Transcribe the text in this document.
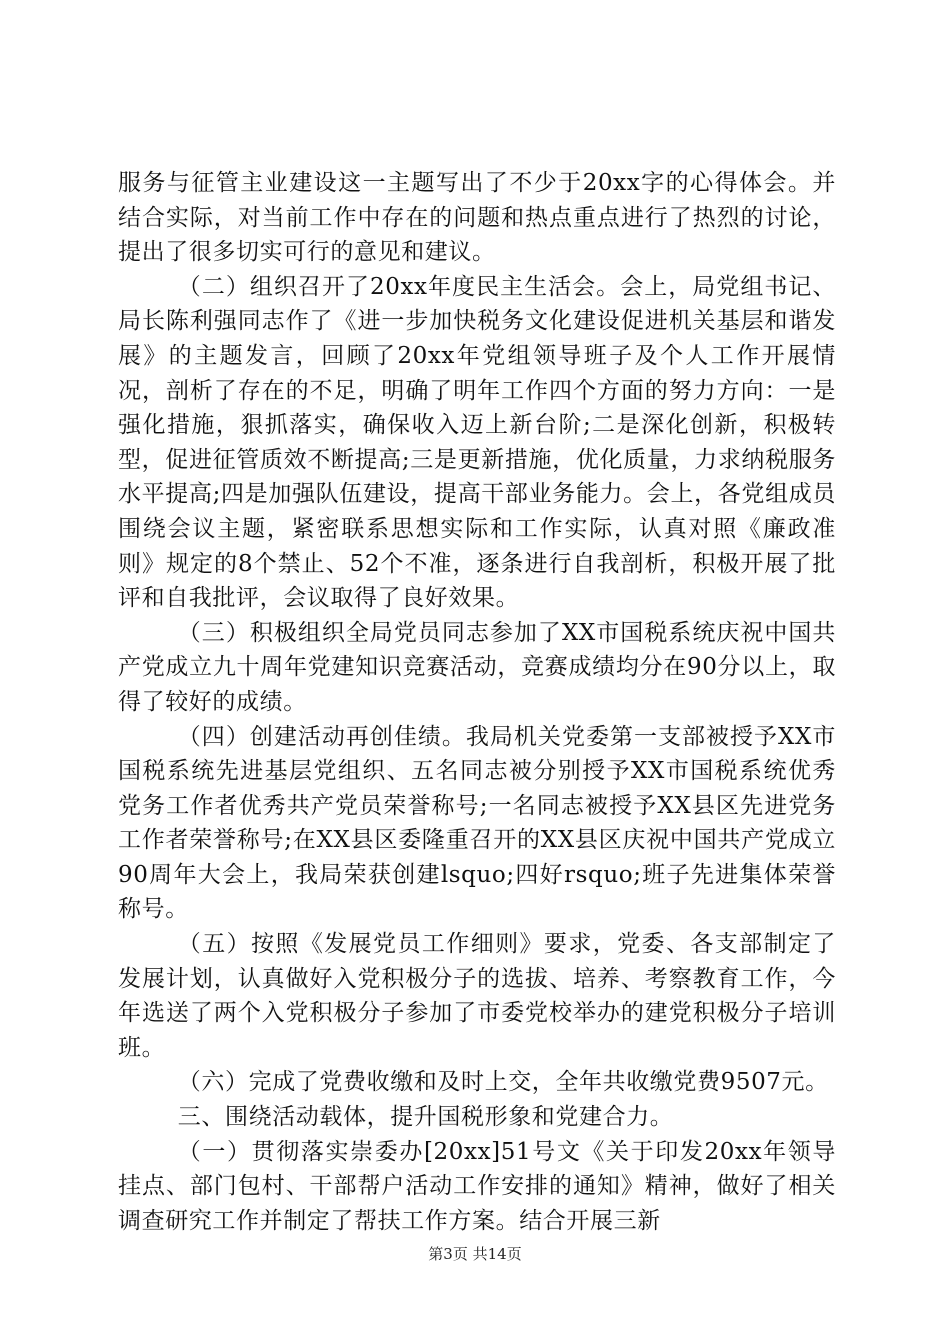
服务与征管主业建设这一主题写出了不少于20xx字的心得体会。并结合实际，对当前工作中存在的问题和热点重点进行了热烈的讨论，提出了很多切实可行的意见和建议。

（二）组织召开了20xx年度民主生活会。会上，局党组书记、局长陈利强同志作了《进一步加快税务文化建设促进机关基层和谐发展》的主题发言，回顾了20xx年党组领导班子及个人工作开展情况，剖析了存在的不足，明确了明年工作四个方面的努力方向：一是强化措施，狠抓落实，确保收入迈上新台阶;二是深化创新，积极转型，促进征管质效不断提高;三是更新措施，优化质量，力求纳税服务水平提高;四是加强队伍建设，提高干部业务能力。会上，各党组成员围绕会议主题，紧密联系思想实际和工作实际，认真对照《廉政准则》规定的8个禁止、52个不准，逐条进行自我剖析，积极开展了批评和自我批评，会议取得了良好效果。

（三）积极组织全局党员同志参加了XX市国税系统庆祝中国共产党成立九十周年党建知识竞赛活动，竞赛成绩均分在90分以上，取得了较好的成绩。

（四）创建活动再创佳绩。我局机关党委第一支部被授予XX市国税系统先进基层党组织、五名同志被分别授予XX市国税系统优秀党务工作者优秀共产党员荣誉称号;一名同志被授予XX县区先进党务工作者荣誉称号;在XX县区委隆重召开的XX县区庆祝中国共产党成立90周年大会上，我局荣获创建lsquo;四好rsquo;班子先进集体荣誉称号。

（五）按照《发展党员工作细则》要求，党委、各支部制定了发展计划，认真做好入党积极分子的选拔、培养、考察教育工作，今年选送了两个入党积极分子参加了市委党校举办的建党积极分子培训班。

（六）完成了党费收缴和及时上交，全年共收缴党费9507元。

三、围绕活动载体，提升国税形象和党建合力。

（一）贯彻落实崇委办[20xx]51号文《关于印发20xx年领导挂点、部门包村、干部帮户活动工作安排的通知》精神，做好了相关调查研究工作并制定了帮扶工作方案。结合开展三新

第3页 共14页
